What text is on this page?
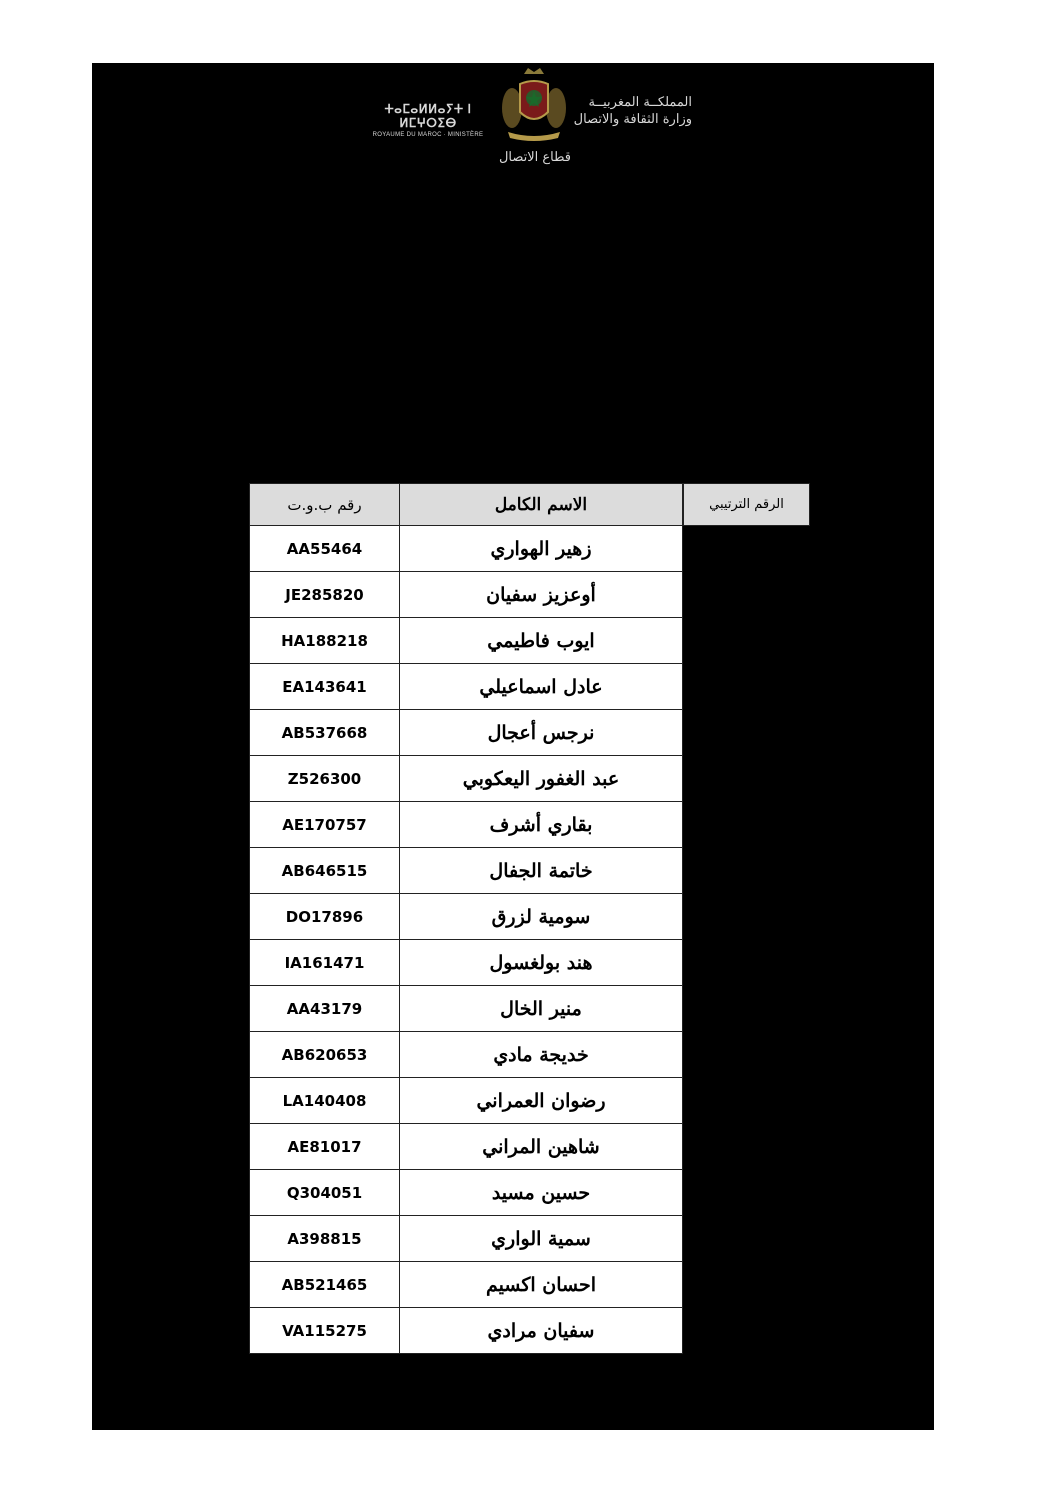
ⵜⴰⵎⴰⵍⵍⴰⵢⵜ ⵏ ⵍⵎⵖⵔⵉⴱ
ROYAUME DU MAROC · MINISTÈRE
المملكــة المغربيــة
وزارة الثقافة والاتصال
قطاع الاتصال
رقم ب.و.ت	الاسم الكامل		الرقم الترتيبي
AA55464	زهير الهواري		
JE285820	أوعزيز سفيان		
HA188218	ايوب فاطيمي		
EA143641	عادل اسماعيلي		
AB537668	نرجس أعجال		
Z526300	عبد الغفور اليعكوبي		
AE170757	بقاري أشرف		
AB646515	خاتمة الجفال		
DO17896	سومية لزرق		
IA161471	هند بولغسول		
AA43179	منير الخال		
AB620653	خديجة مادي		
LA140408	رضوان العمراني		
AE81017	شاهين المراني		
Q304051	حسين مسيد		
A398815	سمية الواري		
AB521465	احسان اكسيم		
VA115275	سفيان مرادي		
